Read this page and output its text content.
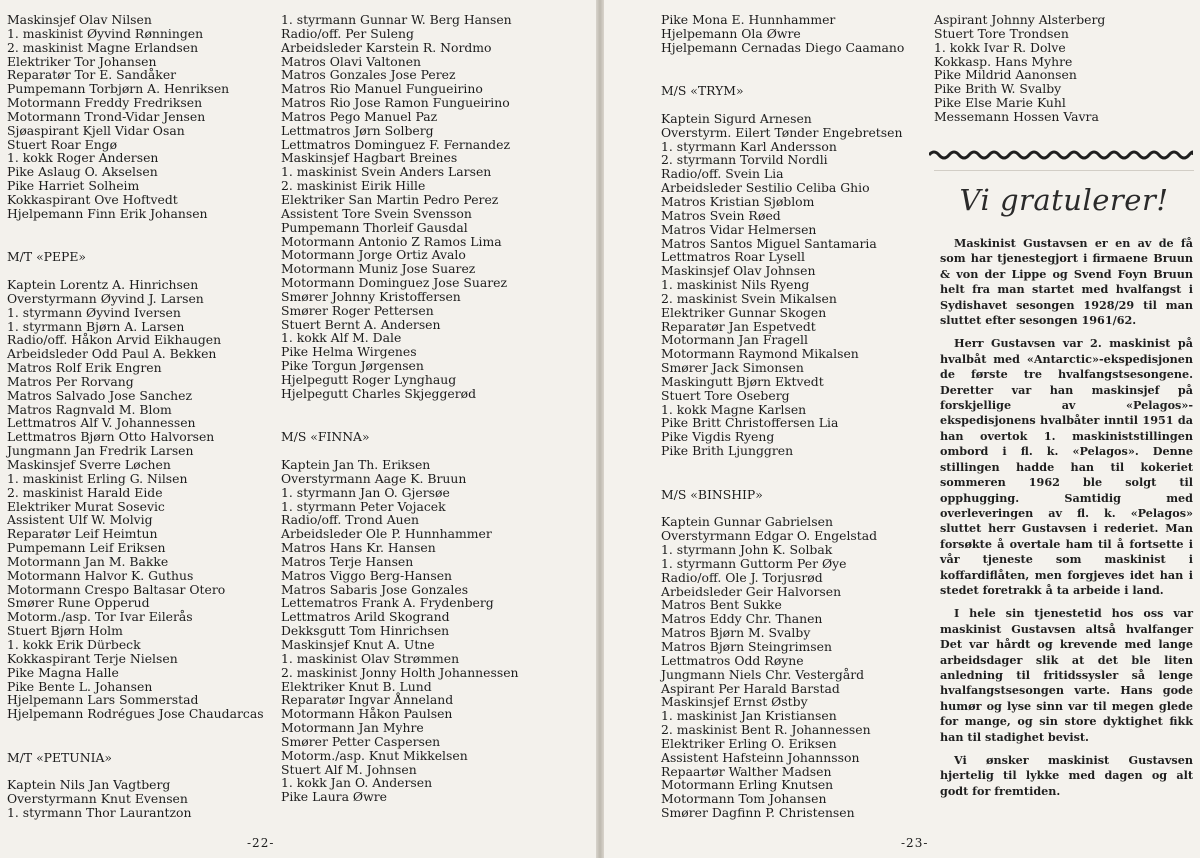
Maskinsjef Olav Nilsen
1. maskinist Øyvind Rønningen
2. maskinist Magne Erlandsen
Elektriker Tor Johansen
Reparatør Tor E. Sandåker
Pumpemann Torbjørn A. Henriksen
Motormann Freddy Fredriksen
Motormann Trond-Vidar Jensen
Sjøaspirant Kjell Vidar Osan
Stuert Roar Engø
1. kokk Roger Andersen
Pike Aslaug O. Akselsen
Pike Harriet Solheim
Kokkaspirant Ove Hoftvedt
Hjelpemann Finn Erik Johansen
M/T «PEPE»
Kaptein Lorentz A. Hinrichsen
Overstyrmann Øyvind J. Larsen
1. styrmann Øyvind Iversen
1. styrmann Bjørn A. Larsen
Radio/off. Håkon Arvid Eikhaugen
Arbeidsleder Odd Paul A. Bekken
Matros Rolf Erik Engren
Matros Per Rorvang
Matros Salvado Jose Sanchez
Matros Ragnvald M. Blom
Lettmatros Alf V. Johannessen
Lettmatros Bjørn Otto Halvorsen
Jungmann Jan Fredrik Larsen
Maskinsjef Sverre Løchen
1. maskinist Erling G. Nilsen
2. maskinist Harald Eide
Elektriker Murat Sosevic
Assistent Ulf W. Molvig
Reparatør Leif Heimtun
Pumpemann Leif Eriksen
Motormann Jan M. Bakke
Motormann Halvor K. Guthus
Motormann Crespo Baltasar Otero
Smører Rune Opperud
Motorm./asp. Tor Ivar Eilerås
Stuert Bjørn Holm
1. kokk Erik Dürbeck
Kokkaspirant Terje Nielsen
Pike Magna Halle
Pike Bente L. Johansen
Hjelpemann Lars Sommerstad
Hjelpemann Rodrégues Jose Chaudarcas
M/T «PETUNIA»
Kaptein Nils Jan Vagtberg
Overstyrmann Knut Evensen
1. styrmann Thor Laurantzon
1. styrmann Gunnar W. Berg Hansen
Radio/off. Per Suleng
Arbeidsleder Karstein R. Nordmo
Matros Olavi Valtonen
Matros Gonzales Jose Perez
Matros Rio Manuel Fungueirino
Matros Rio Jose Ramon Fungueirino
Matros Pego Manuel Paz
Lettmatros Jørn Solberg
Lettmatros Dominguez F. Fernandez
Maskinsjef Hagbart Breines
1. maskinist Svein Anders Larsen
2. maskinist Eirik Hille
Elektriker San Martin Pedro Perez
Assistent Tore Svein Svensson
Pumpemann Thorleif Gausdal
Motormann Antonio Z Ramos Lima
Motormann Jorge Ortiz Avalo
Motormann Muniz Jose Suarez
Motormann Dominguez Jose Suarez
Smører Johnny Kristoffersen
Smører Roger Pettersen
Stuert Bernt A. Andersen
1. kokk Alf M. Dale
Pike Helma Wirgenes
Pike Torgun Jørgensen
Hjelpegutt Roger Lynghaug
Hjelpegutt Charles Skjeggerød
M/S «FINNA»
Kaptein Jan Th. Eriksen
Overstyrmann Aage K. Bruun
1. styrmann Jan O. Gjersøe
1. styrmann Peter Vojacek
Radio/off. Trond Auen
Arbeidsleder Ole P. Hunnhammer
Matros Hans Kr. Hansen
Matros Terje Hansen
Matros Viggo Berg-Hansen
Matros Sabaris Jose Gonzales
Lettematros Frank A. Frydenberg
Lettmatros Arild Skogrand
Dekksgutt Tom Hinrichsen
Maskinsjef Knut A. Utne
1. maskinist Olav Strømmen
2. maskinist Jonny Holth Johannessen
Elektriker Knut B. Lund
Reparatør Ingvar Ånneland
Motormann Håkon Paulsen
Motormann Jan Myhre
Smører Petter Caspersen
Motorm./asp. Knut Mikkelsen
Stuert Alf M. Johnsen
1. kokk Jan O. Andersen
Pike Laura Øwre
-22-
Pike Mona E. Hunnhammer
Hjelpemann Ola Øwre
Hjelpemann Cernadas Diego Caamano
M/S «TRYM»
Kaptein Sigurd Arnesen
Overstyrm. Eilert Tønder Engebretsen
1. styrmann Karl Andersson
2. styrmann Torvild Nordli
Radio/off. Svein Lia
Arbeidsleder Sestilio Celiba Ghio
Matros Kristian Sjøblom
Matros Svein Røed
Matros Vidar Helmersen
Matros Santos Miguel Santamaria
Lettmatros Roar Lysell
Maskinsjef Olav Johnsen
1. maskinist Nils Ryeng
2. maskinist Svein Mikalsen
Elektriker Gunnar Skogen
Reparatør Jan Espetvedt
Motormann Jan Fragell
Motormann Raymond Mikalsen
Smører Jack Simonsen
Maskingutt Bjørn Ektvedt
Stuert Tore Oseberg
1. kokk Magne Karlsen
Pike Britt Christoffersen Lia
Pike Vigdis Ryeng
Pike Brith Ljunggren
M/S «BINSHIP»
Kaptein Gunnar Gabrielsen
Overstyrmann Edgar O. Engelstad
1. styrmann John K. Solbak
1. styrmann Guttorm Per Øye
Radio/off. Ole J. Torjusrød
Arbeidsleder Geir Halvorsen
Matros Bent Sukke
Matros Eddy Chr. Thanen
Matros Bjørn M. Svalby
Matros Bjørn Steingrimsen
Lettmatros Odd Røyne
Jungmann Niels Chr. Vestergård
Aspirant Per Harald Barstad
Maskinsjef Ernst Østby
1. maskinist Jan Kristiansen
2. maskinist Bent R. Johannessen
Elektriker Erling O. Eriksen
Assistent Hafsteinn Johannsson
Repaartør Walther Madsen
Motormann Erling Knutsen
Motormann Tom Johansen
Smører Dagfinn P. Christensen
Aspirant Johnny Alsterberg
Stuert Tore Trondsen
1. kokk Ivar R. Dolve
Kokkasp. Hans Myhre
Pike Mildrid Aanonsen
Pike Brith W. Svalby
Pike Else Marie Kuhl
Messemann Hossen Vavra
Vi gratulerer!

Maskinist Gustavsen er en av de få som har tjenestegjort i firmaene Bruun & von der Lippe og Svend Foyn Bruun helt fra man startet med hvalfangst i Sydishavet sesongen 1928/29 til man sluttet efter sesongen 1961/62.

Herr Gustavsen var 2. maskinist på hvalbåt med «Antarctic»-ekspedisjonen de første tre hvalfangstsesongene. Deretter var han maskinsjef på forskjellige av «Pelagos»-ekspedisjonens hvalbåter inntil 1951 da han overtok 1. maskiniststillingen ombord i fl. k. «Pelagos». Denne stillingen hadde han til kokeriet sommeren 1962 ble solgt til opphugging. Samtidig med overleveringen av fl. k. «Pelagos» sluttet herr Gustavsen i rederiet. Man forsøkte å overtale ham til å fortsette i vår tjeneste som maskinist i koffardiflåten, men forgjeves idet han i stedet foretrakk å ta arbeide i land.

I hele sin tjenestetid hos oss var maskinist Gustavsen altså hvalfanger Det var hårdt og krevende med lange arbeidsdager slik at det ble liten anledning til fritidssysler så lenge hvalfangstsesongen varte. Hans gode humør og lyse sinn var til megen glede for mange, og sin store dyktighet fikk han til stadighet bevist.

Vi ønsker maskinist Gustavsen hjertelig til lykke med dagen og alt godt for fremtiden.

-23-
